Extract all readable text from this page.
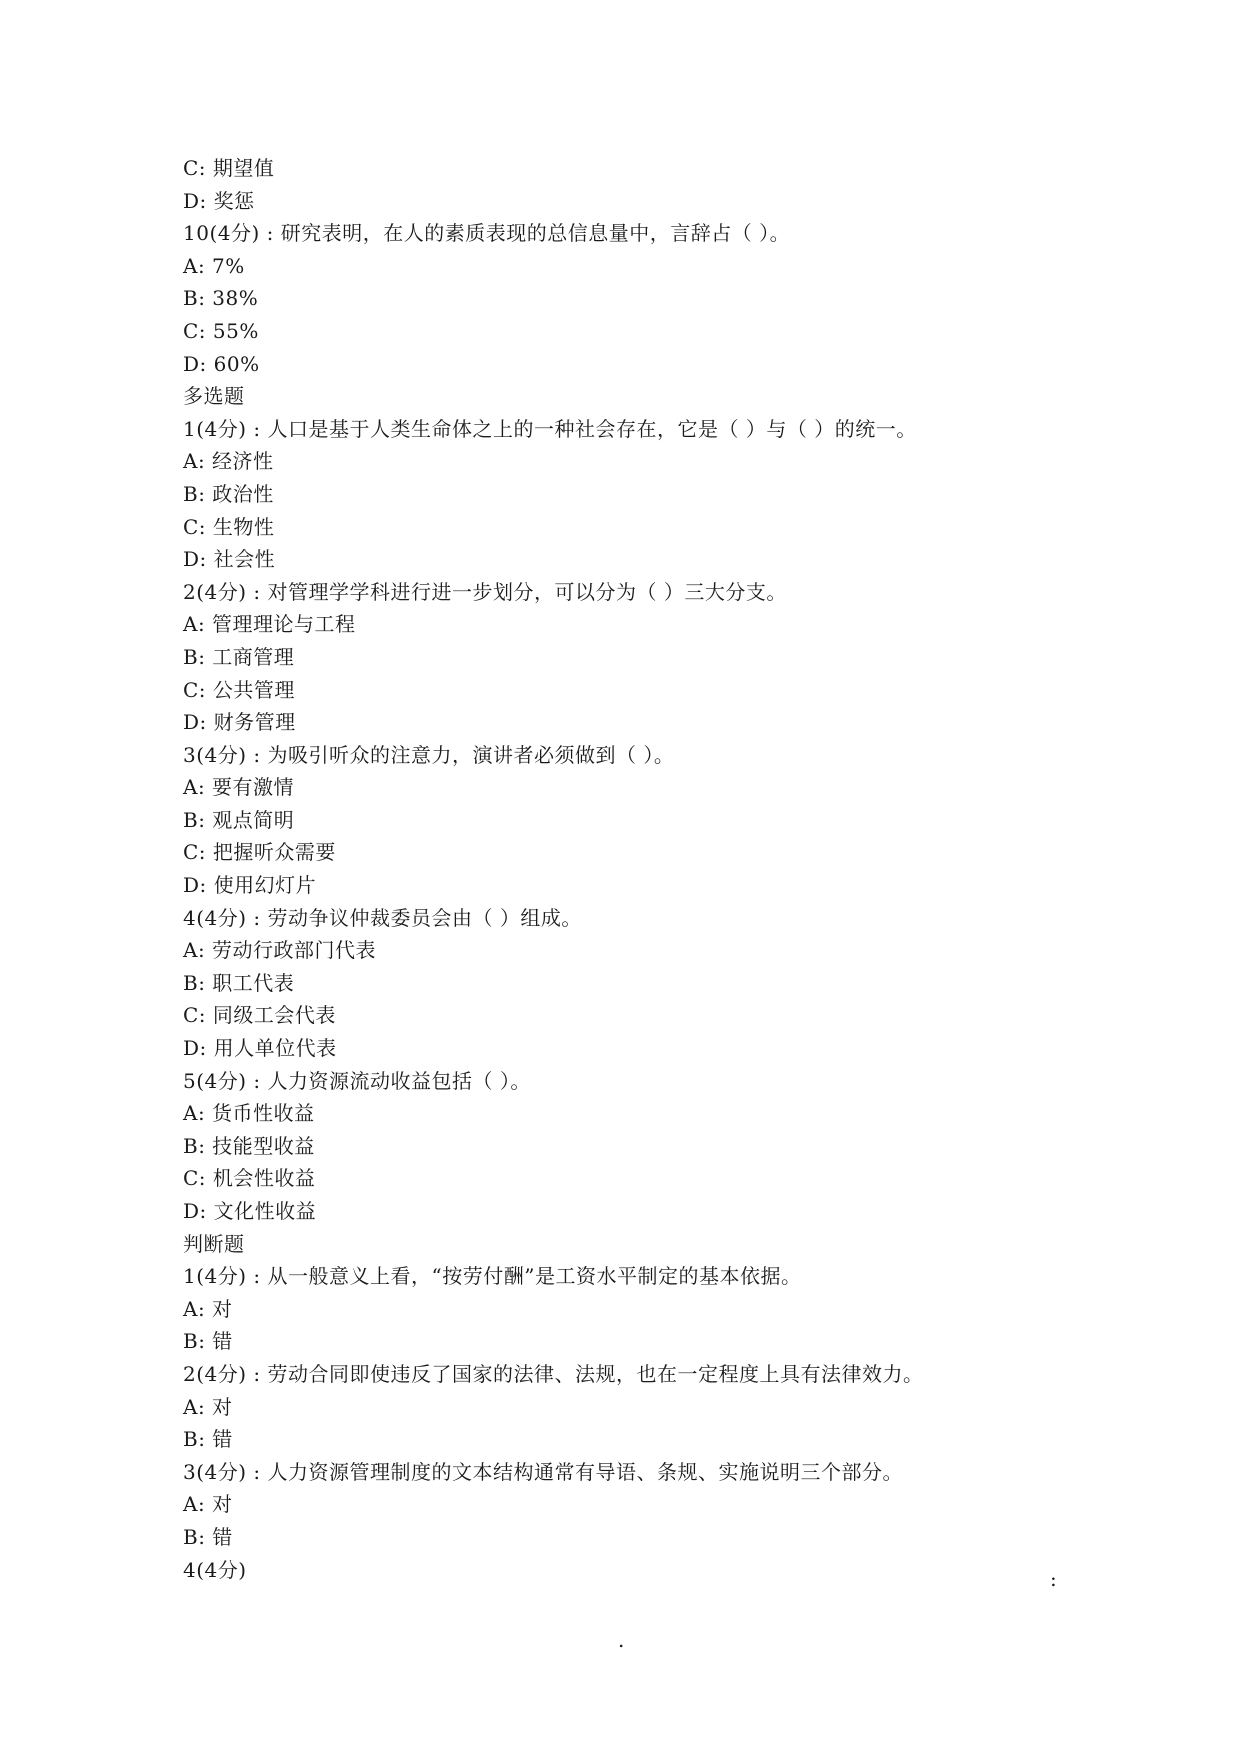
C: 期望值
D: 奖惩
10(4分) : 研究表明，在人的素质表现的总信息量中，言辞占（ ）。
A: 7%
B: 38%
C: 55%
D: 60%
多选题
1(4分) : 人口是基于人类生命体之上的一种社会存在，它是（ ）与（ ）的统一。
A: 经济性
B: 政治性
C: 生物性
D: 社会性
2(4分) : 对管理学学科进行进一步划分，可以分为（ ）三大分支。
A: 管理理论与工程
B: 工商管理
C: 公共管理
D: 财务管理
3(4分) : 为吸引听众的注意力，演讲者必须做到（ ）。
A: 要有激情
B: 观点简明
C: 把握听众需要
D: 使用幻灯片
4(4分) : 劳动争议仲裁委员会由（ ）组成。
A: 劳动行政部门代表
B: 职工代表
C: 同级工会代表
D: 用人单位代表
5(4分) : 人力资源流动收益包括（ ）。
A: 货币性收益
B: 技能型收益
C: 机会性收益
D: 文化性收益
判断题
1(4分) : 从一般意义上看，“按劳付酬”是工资水平制定的基本依据。
A: 对
B: 错
2(4分) : 劳动合同即使违反了国家的法律、法规，也在一定程度上具有法律效力。
A: 对
B: 错
3(4分) : 人力资源管理制度的文本结构通常有导语、条规、实施说明三个部分。
A: 对
B: 错
4(4分)	:
.
